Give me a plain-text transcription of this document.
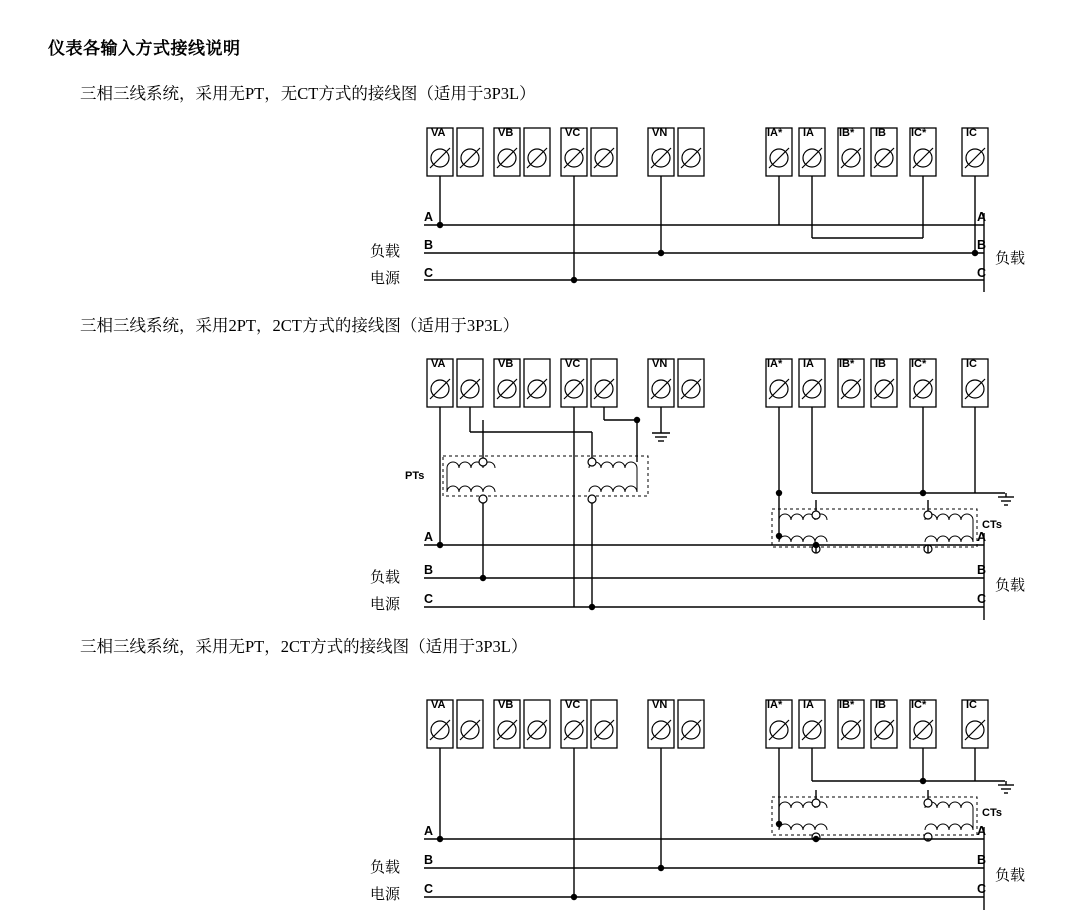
仪表各输入方式接线说明
三相三线系统，采用无PT，无CT方式的接线图（适用于3P3L）
三相三线系统，采用2PT，2CT方式的接线图（适用于3P3L）
三相三线系统，采用无PT，2CT方式的接线图（适用于3P3L）
VA	VB	VC	VN	IA* IA IB* IB IC*	IC
A
B
C
A
B
C
负载
电源
负载
VA	VB	VC	VN	IA* IA IB* IB IC*	IC
PTs
CTs
A
B
C
A
B
C
负载
电源
负载
VA	VB	VC	VN	IA* IA IB* IB IC*	IC
CTs
A
B
C
A
B
C
负载
电源
负载
